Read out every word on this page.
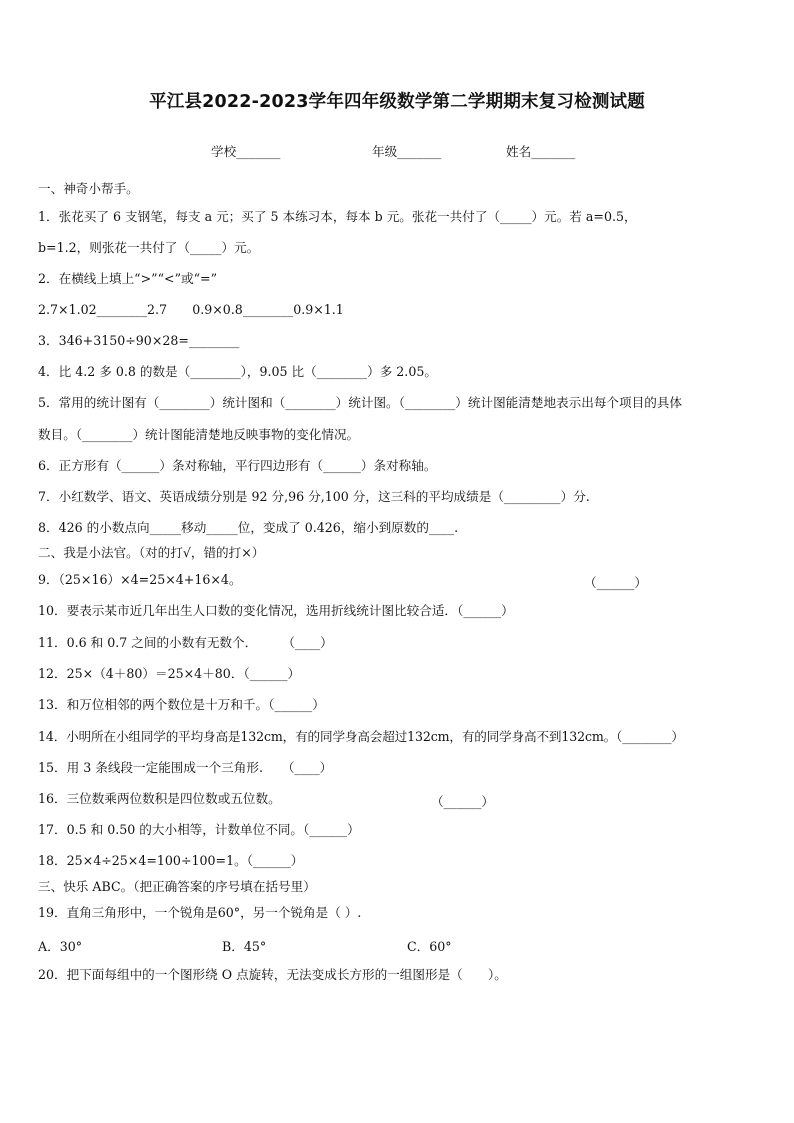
平江县2022-2023学年四年级数学第二学期期末复习检测试题
学校_______	年级_______	姓名_______
一、神奇小帮手。
1．张花买了 6 支钢笔，每支 a 元；买了 5 本练习本，每本 b 元。张花一共付了（_____）元。若 a=0.5，
b=1.2，则张花一共付了（_____）元。
2．在横线上填上“>”“<”或“=”
2.7×1.02________2.7　　0.9×0.8________0.9×1.1
3．346+3150÷90×28=________
4．比 4.2 多 0.8 的数是（________），9.05 比（________）多 2.05。
5．常用的统计图有（________）统计图和（________）统计图。（________）统计图能清楚地表示出每个项目的具体
数目。（________）统计图能清楚地反映事物的变化情况。
6．正方形有（______）条对称轴，平行四边形有（______）条对称轴。
7．小红数学、语文、英语成绩分别是 92 分,96 分,100 分，这三科的平均成绩是（_________）分.
8．426 的小数点向_____移动_____位，变成了 0.426，缩小到原数的____.
二、我是小法官。（对的打√，错的打×）
9．（25×16）×4=25×4+16×4。	（______）
10．要表示某市近几年出生人口数的变化情况，选用折线统计图比较合适．（______）
11．0.6 和 0.7 之间的小数有无数个．　　　（____）
12．25×（4＋80）＝25×4＋80．（______）
13．和万位相邻的两个数位是十万和千。（______）
14．小明所在小组同学的平均身高是132cm，有的同学身高会超过132cm，有的同学身高不到132cm。（________）
15．用 3 条线段一定能围成一个三角形.　　（____）
16．三位数乘两位数积是四位数或五位数。	（______）
17．0.5 和 0.50 的大小相等，计数单位不同。（______）
18．25×4÷25×4=100÷100=1。（______）
三、快乐 ABC。（把正确答案的序号填在括号里）
19．直角三角形中，一个锐角是60°，另一个锐角是（ ）.
A．30°	B．45°	C．60°
20．把下面每组中的一个图形绕 O 点旋转，无法变成长方形的一组图形是（　　）。
